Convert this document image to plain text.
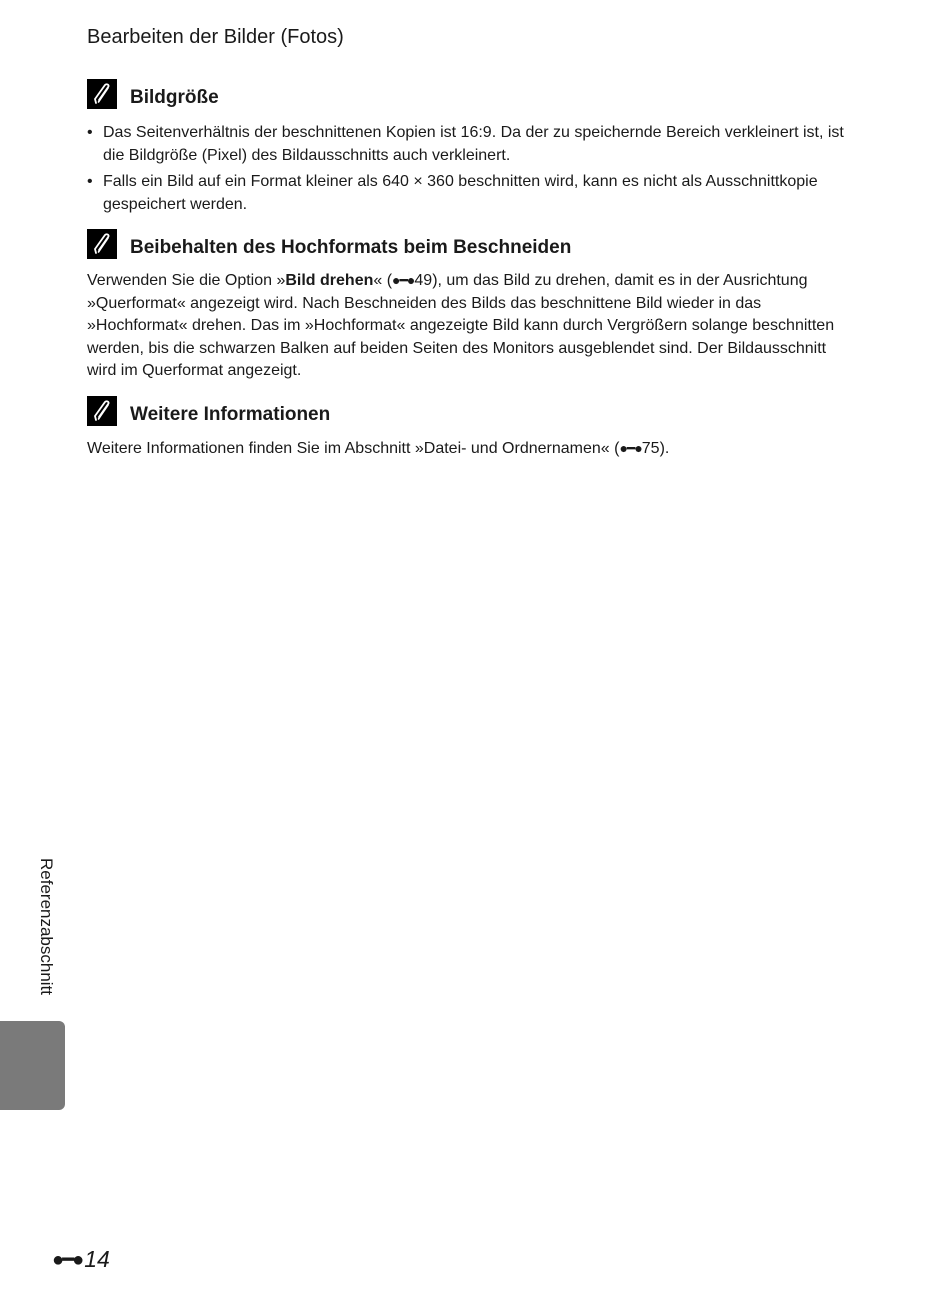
Bearbeiten der Bilder (Fotos)
Bildgröße
• Das Seitenverhältnis der beschnittenen Kopien ist 16:9. Da der zu speichernde Bereich verkleinert ist, ist die Bildgröße (Pixel) des Bildausschnitts auch verkleinert.
• Falls ein Bild auf ein Format kleiner als 640 × 360 beschnitten wird, kann es nicht als Ausschnittkopie gespeichert werden.
Beibehalten des Hochformats beim Beschneiden

Verwenden Sie die Option »Bild drehen« (●━●49), um das Bild zu drehen, damit es in der Ausrichtung »Querformat« angezeigt wird. Nach Beschneiden des Bilds das beschnittene Bild wieder in das »Hochformat« drehen. Das im »Hochformat« angezeigte Bild kann durch Vergrößern solange beschnitten werden, bis die schwarzen Balken auf beiden Seiten des Monitors ausgeblendet sind. Der Bildausschnitt wird im Querformat angezeigt.

Weitere Informationen

Weitere Informationen finden Sie im Abschnitt »Datei- und Ordnernamen« (●━●75).

Referenzabschnitt
●━● 14
